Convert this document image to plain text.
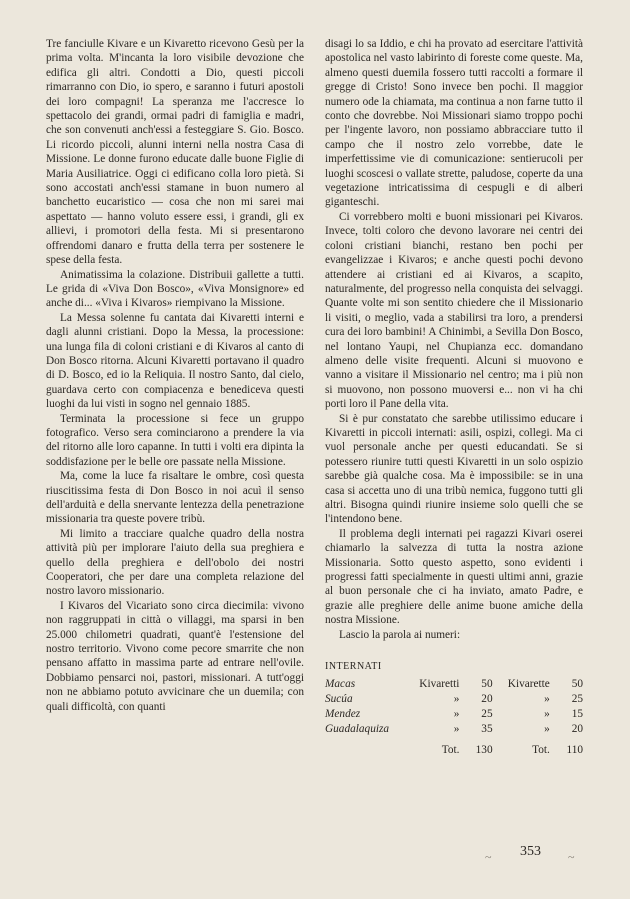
Tre fanciulle Kivare e un Kivaretto ricevono Gesù per la prima volta. M'incanta la loro visibile devozione che edifica gli altri. Condotti a Dio, questi piccoli rimarranno con Dio, io spero, e saranno i futuri apostoli dei loro compagni! La speranza me l'accresce lo spettacolo dei grandi, ormai padri di famiglia e madri, che son convenuti anch'essi a festeggiare S. Gio. Bosco. Li ricordo piccoli, alunni interni nella nostra Casa di Missione. Le donne furono educate dalle buone Figlie di Maria Ausiliatrice. Oggi ci edificano colla loro pietà. Si sono accostati anch'essi stamane in buon numero al banchetto eucaristico — cosa che non mi sarei mai aspettato — hanno voluto essere essi, i grandi, gli ex allievi, i promotori della festa. Mi si presentarono offrendomi danaro e frutta della terra per sostenere le spese della festa.

Animatissima la colazione. Distribuii gallette a tutti. Le grida di «Viva Don Bosco», «Viva Monsignore» ed anche di... «Viva i Kivaros» riempivano la Missione.

La Messa solenne fu cantata dai Kivaretti interni e dagli alunni cristiani. Dopo la Messa, la processione: una lunga fila di coloni cristiani e di Kivaros al canto di Don Bosco ritorna. Alcuni Kivaretti portavano il quadro di D. Bosco, ed io la Reliquia. Il nostro Santo, dal cielo, guardava certo con compiacenza e benediceva questi luoghi da lui visti in sogno nel gennaio 1885.

Terminata la processione si fece un gruppo fotografico. Verso sera cominciarono a prendere la via del ritorno alle loro capanne. In tutti i volti era dipinta la soddisfazione per le belle ore passate nella Missione.

Ma, come la luce fa risaltare le ombre, così questa riuscitissima festa di Don Bosco in noi acuì il senso dell'arduità e della snervante lentezza della penetrazione missionaria tra queste povere tribù.

Mi limito a tracciare qualche quadro della nostra attività più per implorare l'aiuto della sua preghiera e quello della preghiera e dell'obolo dei nostri Cooperatori, che per dare una completa relazione del nostro lavoro missionario.

I Kivaros del Vicariato sono circa diecimila: vivono non raggruppati in città o villaggi, ma sparsi in ben 25.000 chilometri quadrati, quant'è l'estensione del nostro territorio. Vivono come pecore smarrite che non pensano affatto in massima parte ad entrare nell'ovile. Dobbiamo pensarci noi, pastori, missionari. A tutt'oggi non ne abbiamo potuto avvicinare che un duemila; con quali difficoltà, con quanti

disagi lo sa Iddio, e chi ha provato ad esercitare l'attività apostolica nel vasto labirinto di foreste come queste. Ma, almeno questi duemila fossero tutti raccolti a formare il gregge di Cristo! Sono invece ben pochi. Il maggior numero ode la chiamata, ma continua a non farne tutto il conto che dovrebbe. Noi Missionari siamo troppo pochi per l'ingente lavoro, non possiamo abbracciare tutto il campo che il nostro zelo vorrebbe, date le imperfettissime vie di comunicazione: sentierucoli per luoghi scoscesi o vallate strette, paludose, coperte da una vegetazione intricatissima di cespugli e di alberi giganteschi.

Ci vorrebbero molti e buoni missionari pei Kivaros. Invece, tolti coloro che devono lavorare nei centri dei coloni cristiani bianchi, restano ben pochi per evangelizzae i Kivaros; e anche questi pochi devono attendere ai cristiani ed ai Kivaros, a scapito, naturalmente, del progresso nella conquista dei selvaggi. Quante volte mi son sentito chiedere che il Missionario li visiti, o meglio, vada a stabilirsi tra loro, a prendersi cura dei loro bambini! A Chinimbi, a Sevilla Don Bosco, nel lontano Yaupi, nel Chupianza ecc. domandano almeno delle visite frequenti. Alcuni si muovono e vanno a visitare il Missionario nel centro; ma i più non si muovono, non possono muoversi e... non vi ha chi porti loro il Pane della vita.

Si è pur constatato che sarebbe utilissimo educare i Kivaretti in piccoli internati: asili, ospizi, collegi. Ma ci vuol personale anche per questi educandati. Se si potessero riunire tutti questi Kivaretti in un solo ospizio sarebbe già qualche cosa. Ma è impossibile: se in una casa si accetta uno di una tribù nemica, fuggono tutti gli altri. Bisogna quindi riunire insieme solo quelli che se l'intendono bene.

Il problema degli internati pei ragazzi Kivari oserei chiamarlo la salvezza di tutta la nostra azione Missionaria. Sotto questo aspetto, sono evidenti i progressi fatti specialmente in questi ultimi anni, grazie al buon personale che ci ha inviato, amato Padre, e grazie alle preghiere delle anime buone amiche della nostra Missione.

Lascio la parola ai numeri:

INTERNATI
Macas	Kivaretti	50	Kivarette	50
Sucúa	»	20	»	25
Mendez	»	25	»	15
Guadalaquiza	»	35	»	20
	Tot.	130	Tot.	110
~ 353 ~
